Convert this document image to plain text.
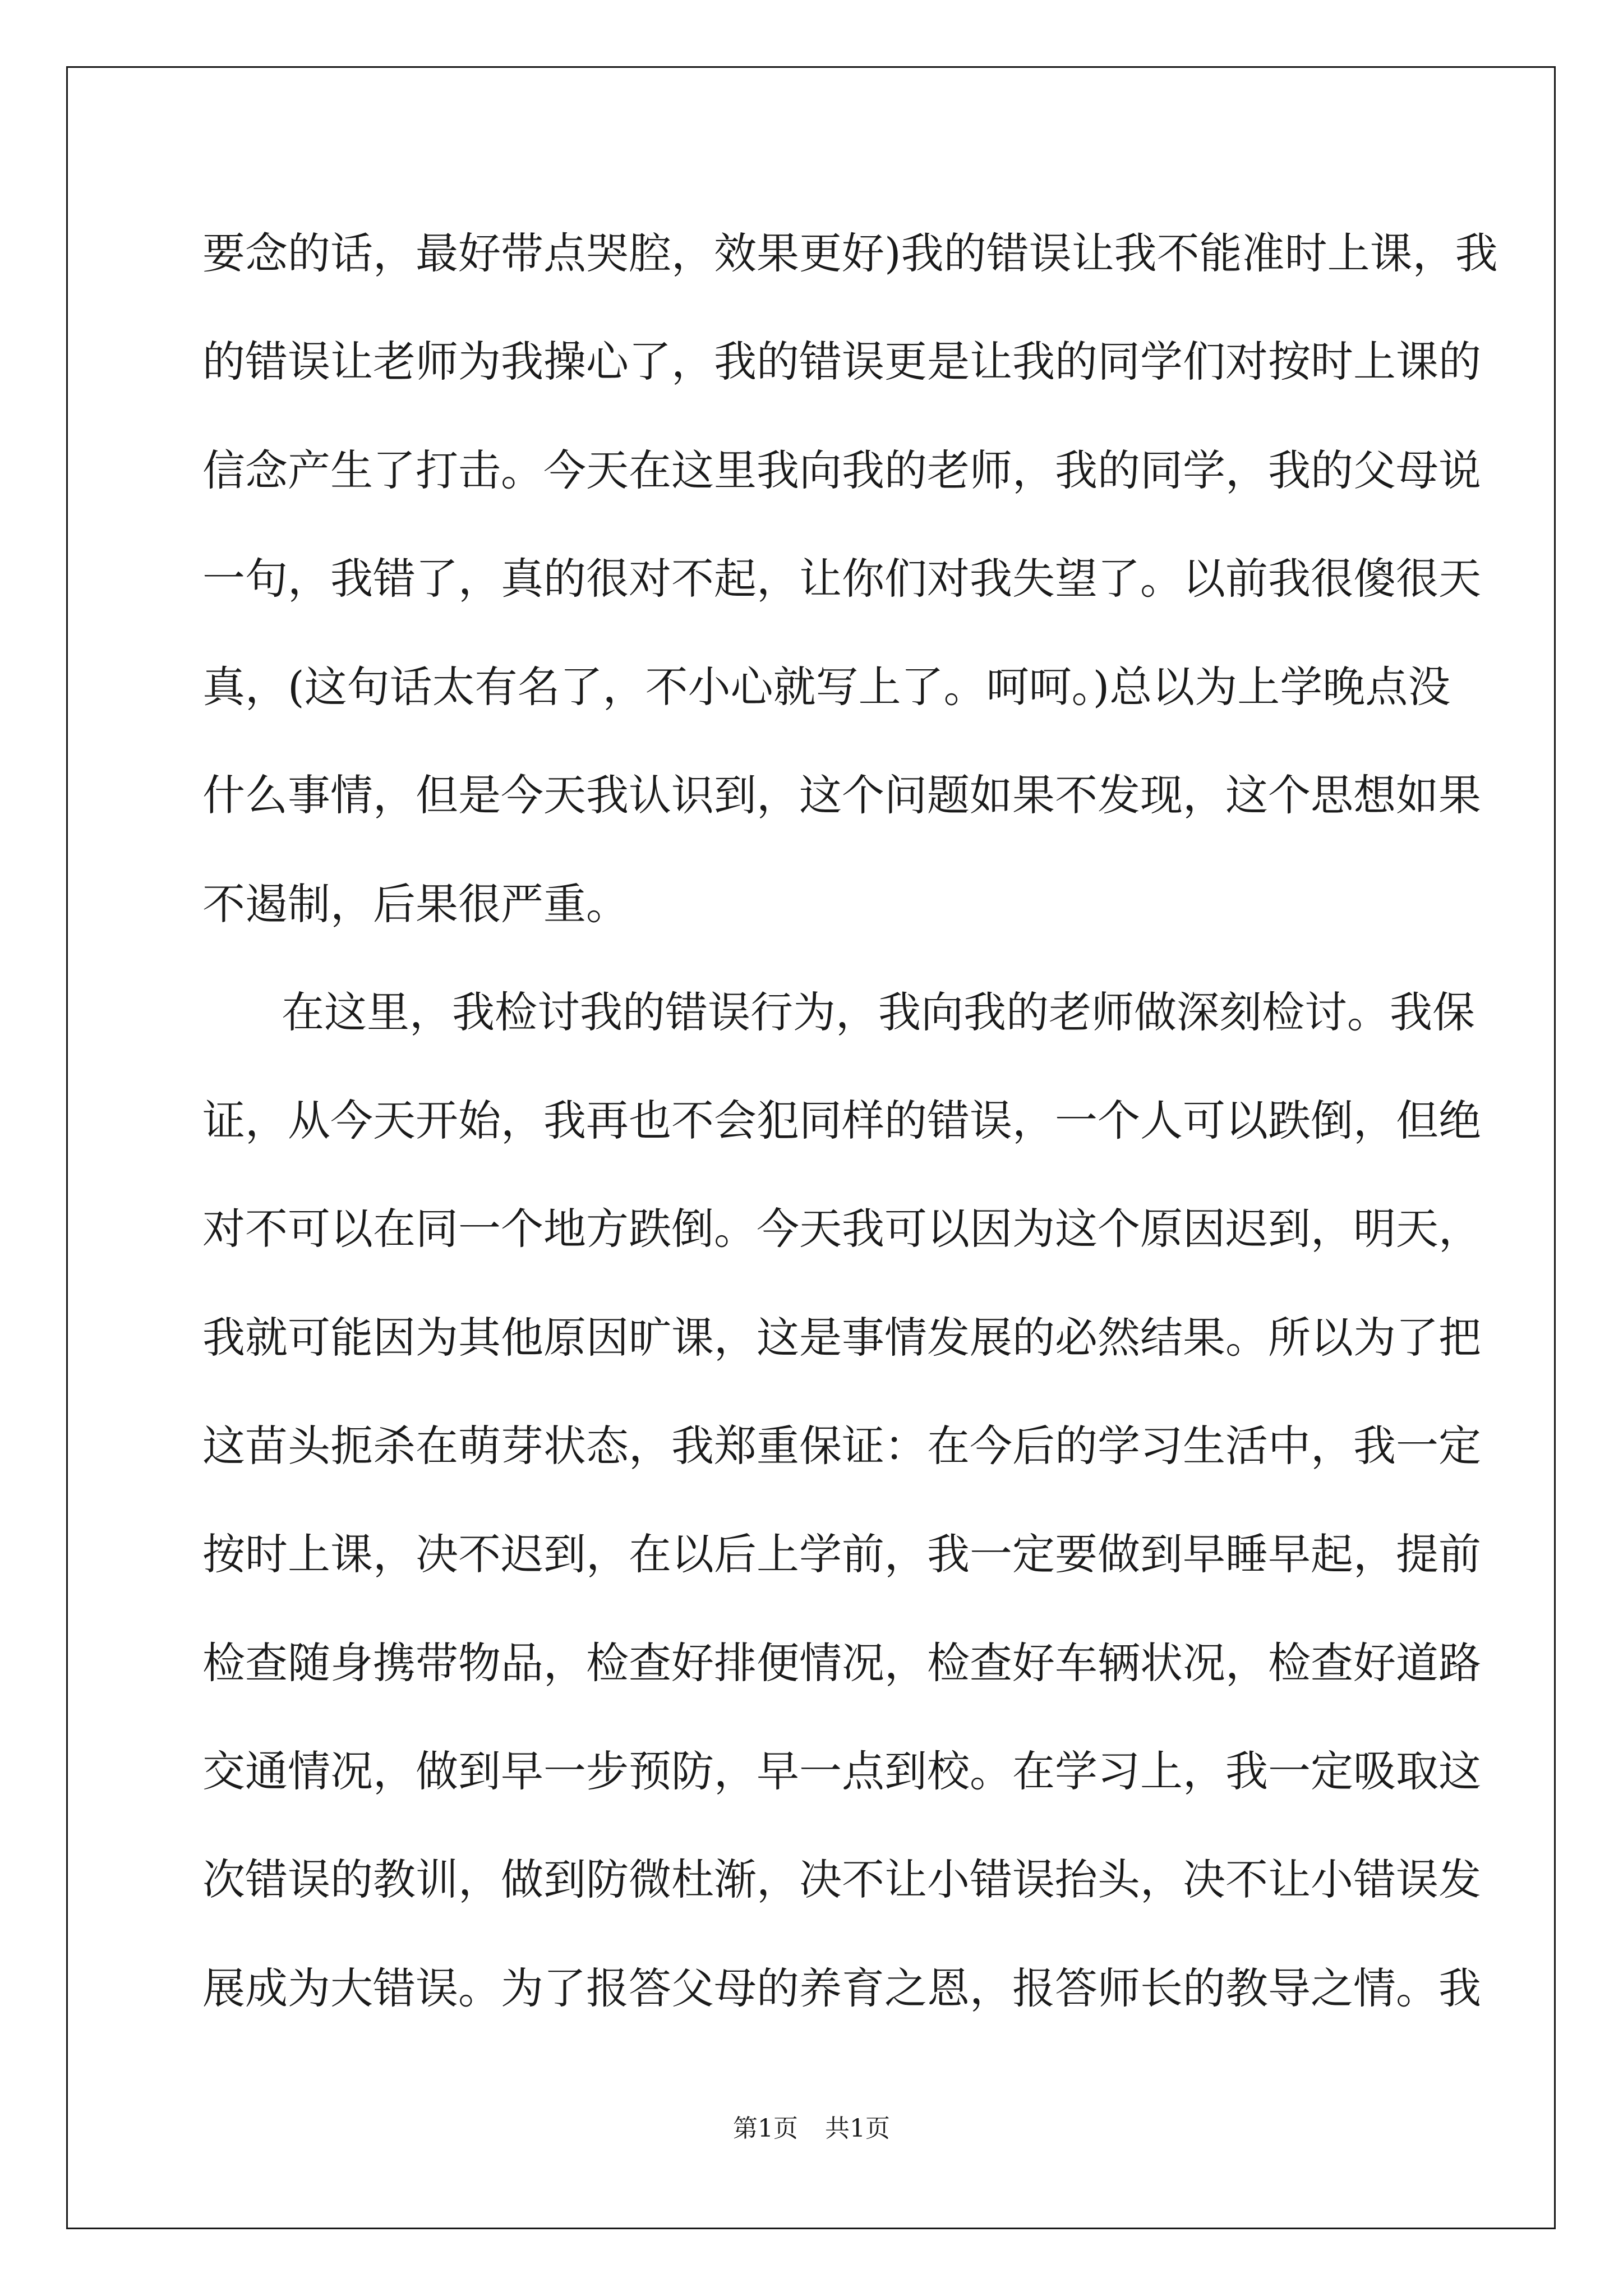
要念的话，最好带点哭腔，效果更好)我的错误让我不能准时上课，我

的错误让老师为我操心了，我的错误更是让我的同学们对按时上课的

信念产生了打击。今天在这里我向我的老师，我的同学，我的父母说

一句，我错了，真的很对不起，让你们对我失望了。以前我很傻很天

真，(这句话太有名了，不小心就写上了。呵呵。)总以为上学晚点没

什么事情，但是今天我认识到，这个问题如果不发现，这个思想如果

不遏制，后果很严重。

在这里，我检讨我的错误行为，我向我的老师做深刻检讨。我保

证，从今天开始，我再也不会犯同样的错误，一个人可以跌倒，但绝

对不可以在同一个地方跌倒。今天我可以因为这个原因迟到，明天，

我就可能因为其他原因旷课，这是事情发展的必然结果。所以为了把

这苗头扼杀在萌芽状态，我郑重保证：在今后的学习生活中，我一定

按时上课，决不迟到，在以后上学前，我一定要做到早睡早起，提前

检查随身携带物品，检查好排便情况，检查好车辆状况，检查好道路

交通情况，做到早一步预防，早一点到校。在学习上，我一定吸取这

次错误的教训，做到防微杜渐，决不让小错误抬头，决不让小错误发

展成为大错误。为了报答父母的养育之恩，报答师长的教导之情。我

第1页 共1页
